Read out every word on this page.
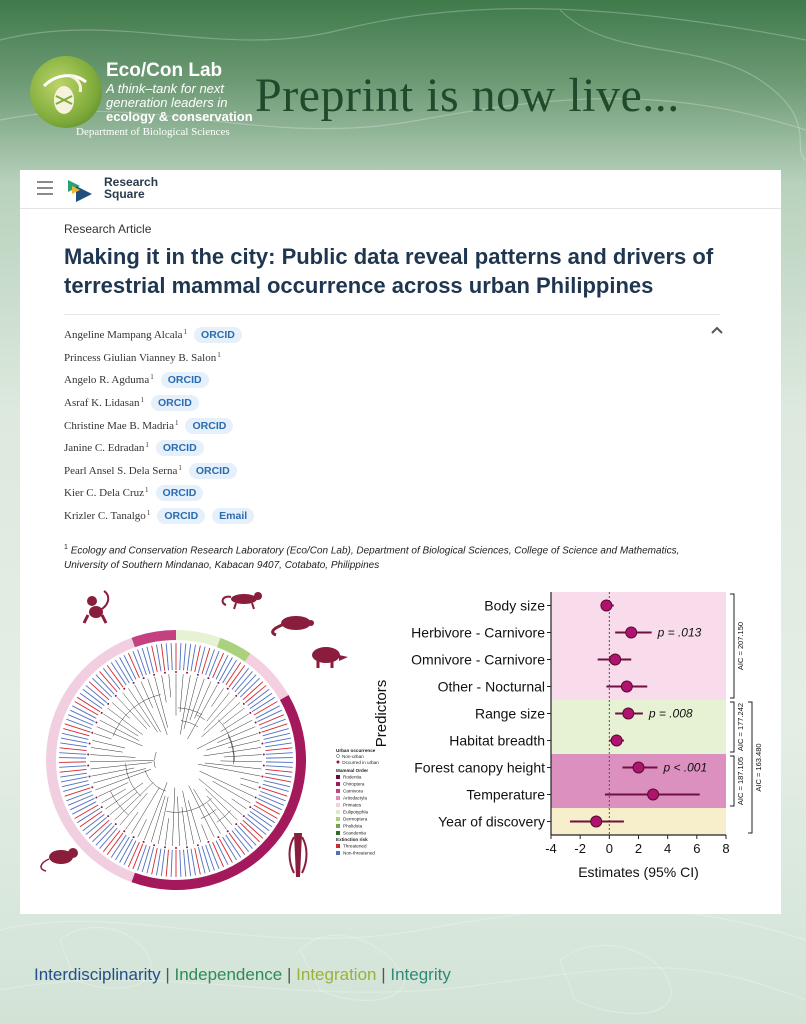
Eco/Con Lab
A think–tank for next
generation leaders in
ecology & conservation
Department of Biological Sciences
Preprint is now live...
Research
Square
Research Article
Making it in the city: Public data reveal patterns and drivers of terrestrial mammal occurrence across urban Philippines
Angeline Mampang Alcala$^1$	ORCID
Princess Giulian Vianney B. Salon$^1$
Angelo R. Agduma$^1$	ORCID
Asraf K. Lidasan$^1$	ORCID
Christine Mae B. Madria$^1$	ORCID
Janine C. Edradan$^1$	ORCID
Pearl Ansel S. Dela Serna$^1$	ORCID
Kier C. Dela Cruz$^1$	ORCID
Krizler C. Tanalgo$^1$	ORCID	Email
$^1$ Ecology and Conservation Research Laboratory (Eco/Con Lab), Department of Biological Sciences, College of Science and Mathematics, University of Southern Mindanao, Kabacan 9407, Cotabato, Philippines
Urban occurrence
Non-urban
Occurred in urban
Mammal Order
Rodentia
Chiroptera
Carnivora
Artiodactyla
Primates
Eulipotyphla
Dermoptera
Pholidota
Scandentia
Extinction risk
Threatened
Non-threatened
Body size
Herbivore - Carnivore	p = .013
Omnivore - Carnivore
Other - Nocturnal
Range size	p = .008
Habitat breadth
Forest canopy height	p < .001
Temperature
Year of discovery
-4 -2 0 2 4 6 8
Estimates (95% CI)
Predictors
AIC = 207.150
AIC = 177.242
AIC = 187.105 AIC = 163.480
Interdisciplinarity | Independence | Integration | Integrity
